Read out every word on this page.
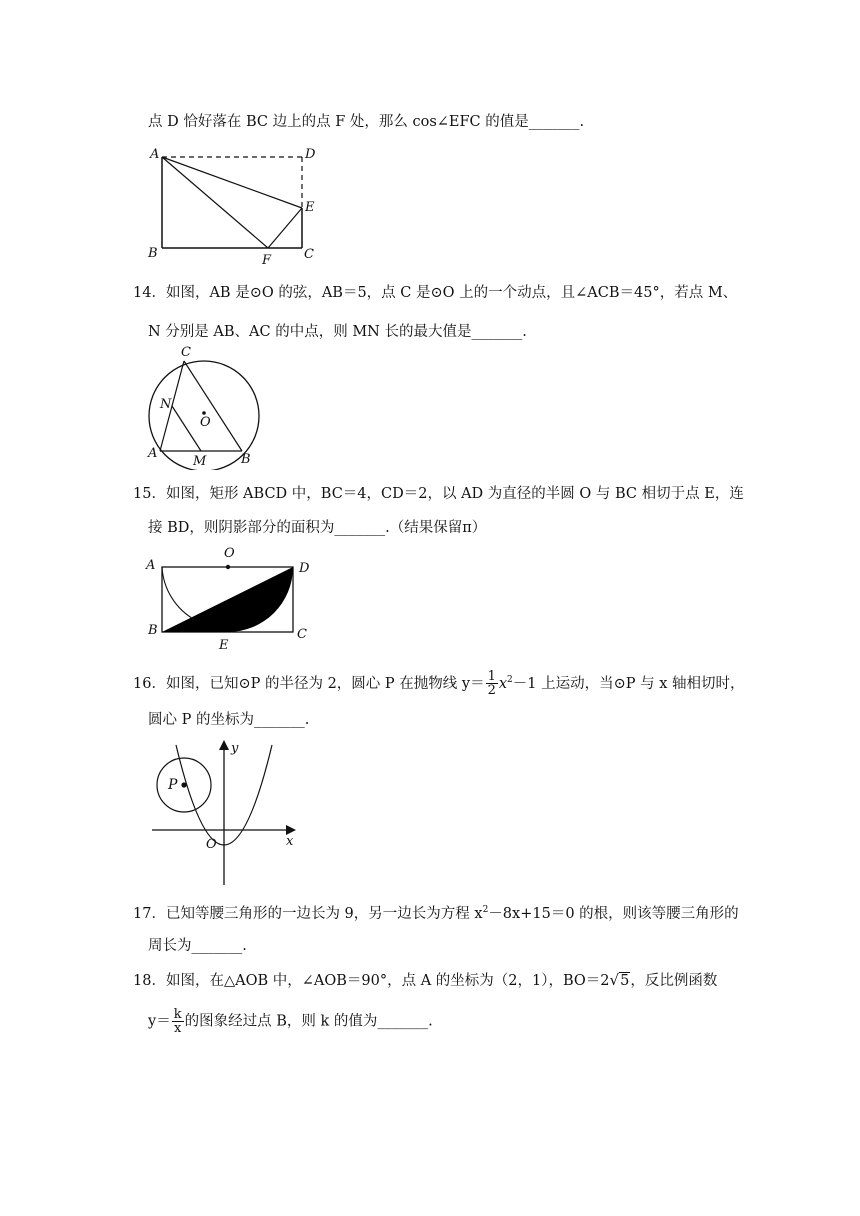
点 D 恰好落在 BC 边上的点 F 处，那么 cos∠EFC 的值是_______.
A	D
E
B	C
F
14．如图，AB 是⊙O 的弦，AB＝5，点 C 是⊙O 上的一个动点，且∠ACB＝45°，若点 M、
N 分别是 AB、AC 的中点，则 MN 长的最大值是_______.
C
N
O
A
M	B
15．如图，矩形 ABCD 中，BC＝4，CD＝2，以 AD 为直径的半圆 O 与 BC 相切于点 E，连
接 BD，则阴影部分的面积为_______.（结果保留π）
O
A	D
B	C
E
16．如图，已知⊙P 的半径为 2，圆心 P 在抛物线 $y= \frac{1}{2} x^2-1$ 上运动，当⊙P 与 x 轴相切时，
圆心 P 的坐标为_______.
P
y
x
O
17．已知等腰三角形的一边长为 9，另一边长为方程 $x^2-8x+15=0$ 的根，则该等腰三角形的
周长为_______.
18．如图，在△AOB 中，∠AOB＝90°，点 A 的坐标为（2，1），BO＝2√5，反比例函数
$y= \frac{k}{x}$ 的图象经过点 B，则 k 的值为_______.
